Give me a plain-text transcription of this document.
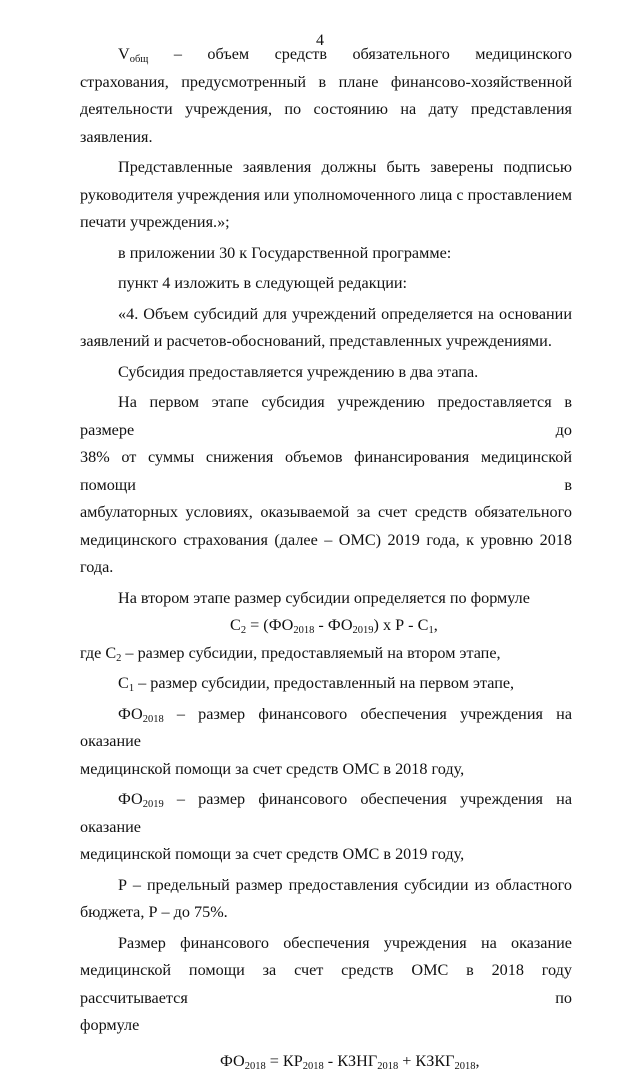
4

$V_{общ}$ – объем средств обязательного медицинского

страхования, предусмотренный в плане финансово-хозяйственной

деятельности учреждения, по состоянию на дату представления заявления.

Представленные заявления должны быть заверены подписью

руководителя учреждения или уполномоченного лица с проставлением

печати учреждения.»;

в приложении 30 к Государственной программе:

пункт 4 изложить в следующей редакции:

«4. Объем субсидий для учреждений определяется на основании

заявлений и расчетов-обоснований, представленных учреждениями.

Субсидия предоставляется учреждению в два этапа.

На первом этапе субсидия учреждению предоставляется в размере до

38% от суммы снижения объемов финансирования медицинской помощи в

амбулаторных условиях, оказываемой за счет средств обязательного

медицинского страхования (далее – ОМС) 2019 года, к уровню 2018 года.

На втором этапе размер субсидии определяется по формуле

$С_2 = (ФО_{2018} - ФО_{2019})$ х Р - $С_1$,

где $С_2$ – размер субсидии, предоставляемый на втором этапе,

$С_1$ – размер субсидии, предоставленный на первом этапе,

$ФО_{2018}$ – размер финансового обеспечения учреждения на оказание

медицинской помощи за счет средств ОМС в 2018 году,

$ФО_{2019}$ – размер финансового обеспечения учреждения на оказание

медицинской помощи за счет средств ОМС в 2019 году,

Р – предельный размер предоставления субсидии из областного

бюджета, Р – до 75%.

Размер финансового обеспечения учреждения на оказание

медицинской помощи за счет средств ОМС в 2018 году рассчитывается по

формуле

$ФО_{2018} = КР_{2018}$ - $КЗНГ_{2018}$ + $КЗКГ_{2018}$,
